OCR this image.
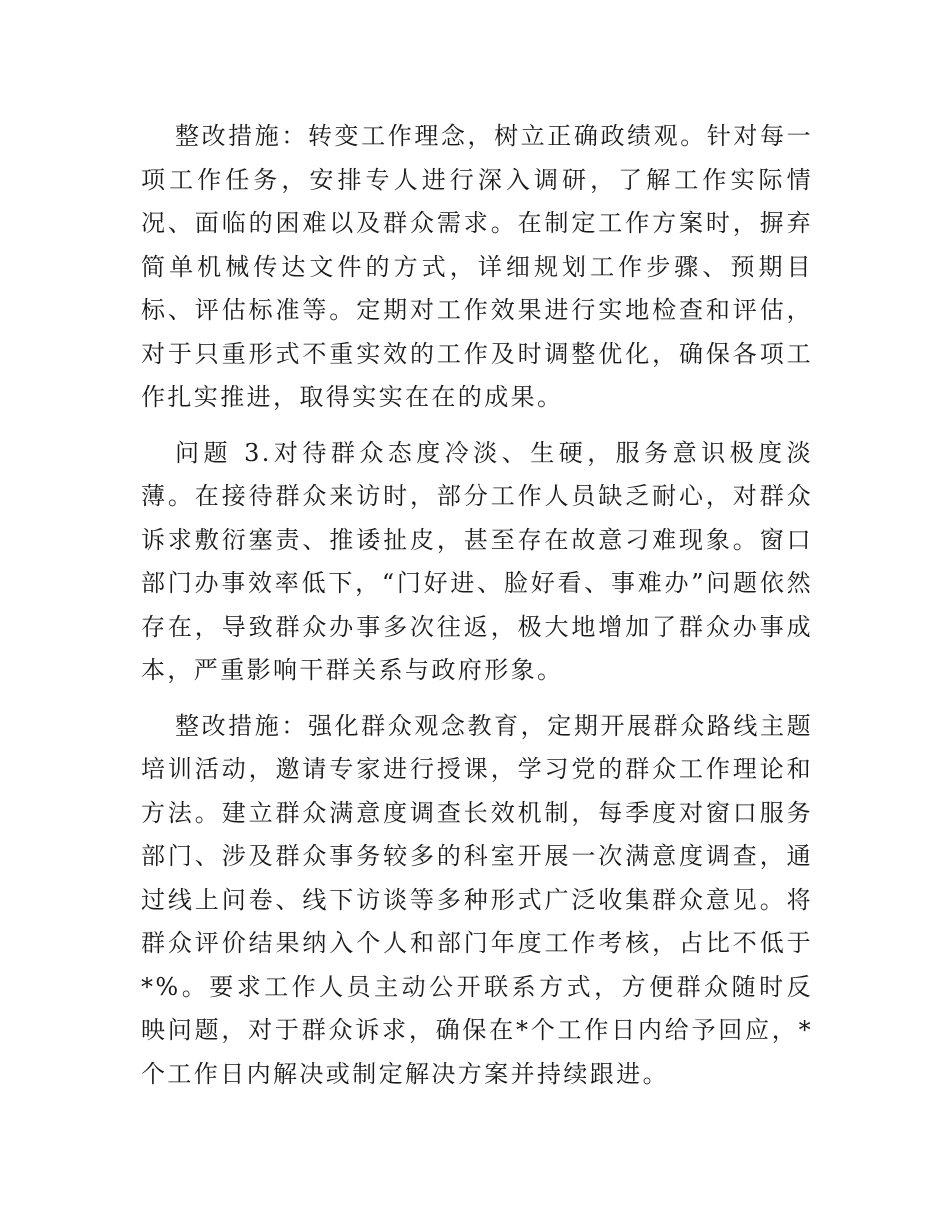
整改措施：转变工作理念，树立正确政绩观。针对每一项工作任务，安排专人进行深入调研，了解工作实际情况、面临的困难以及群众需求。在制定工作方案时，摒弃简单机械传达文件的方式，详细规划工作步骤、预期目标、评估标准等。定期对工作效果进行实地检查和评估，对于只重形式不重实效的工作及时调整优化，确保各项工作扎实推进，取得实实在在的成果。

问题 3.对待群众态度冷淡、生硬，服务意识极度淡薄。在接待群众来访时，部分工作人员缺乏耐心，对群众诉求敷衍塞责、推诿扯皮，甚至存在故意刁难现象。窗口部门办事效率低下，“门好进、脸好看、事难办”问题依然存在，导致群众办事多次往返，极大地增加了群众办事成本，严重影响干群关系与政府形象。

整改措施：强化群众观念教育，定期开展群众路线主题培训活动，邀请专家进行授课，学习党的群众工作理论和方法。建立群众满意度调查长效机制，每季度对窗口服务部门、涉及群众事务较多的科室开展一次满意度调查，通过线上问卷、线下访谈等多种形式广泛收集群众意见。将群众评价结果纳入个人和部门年度工作考核，占比不低于*%。要求工作人员主动公开联系方式，方便群众随时反映问题，对于群众诉求，确保在*个工作日内给予回应，*个工作日内解决或制定解决方案并持续跟进。
